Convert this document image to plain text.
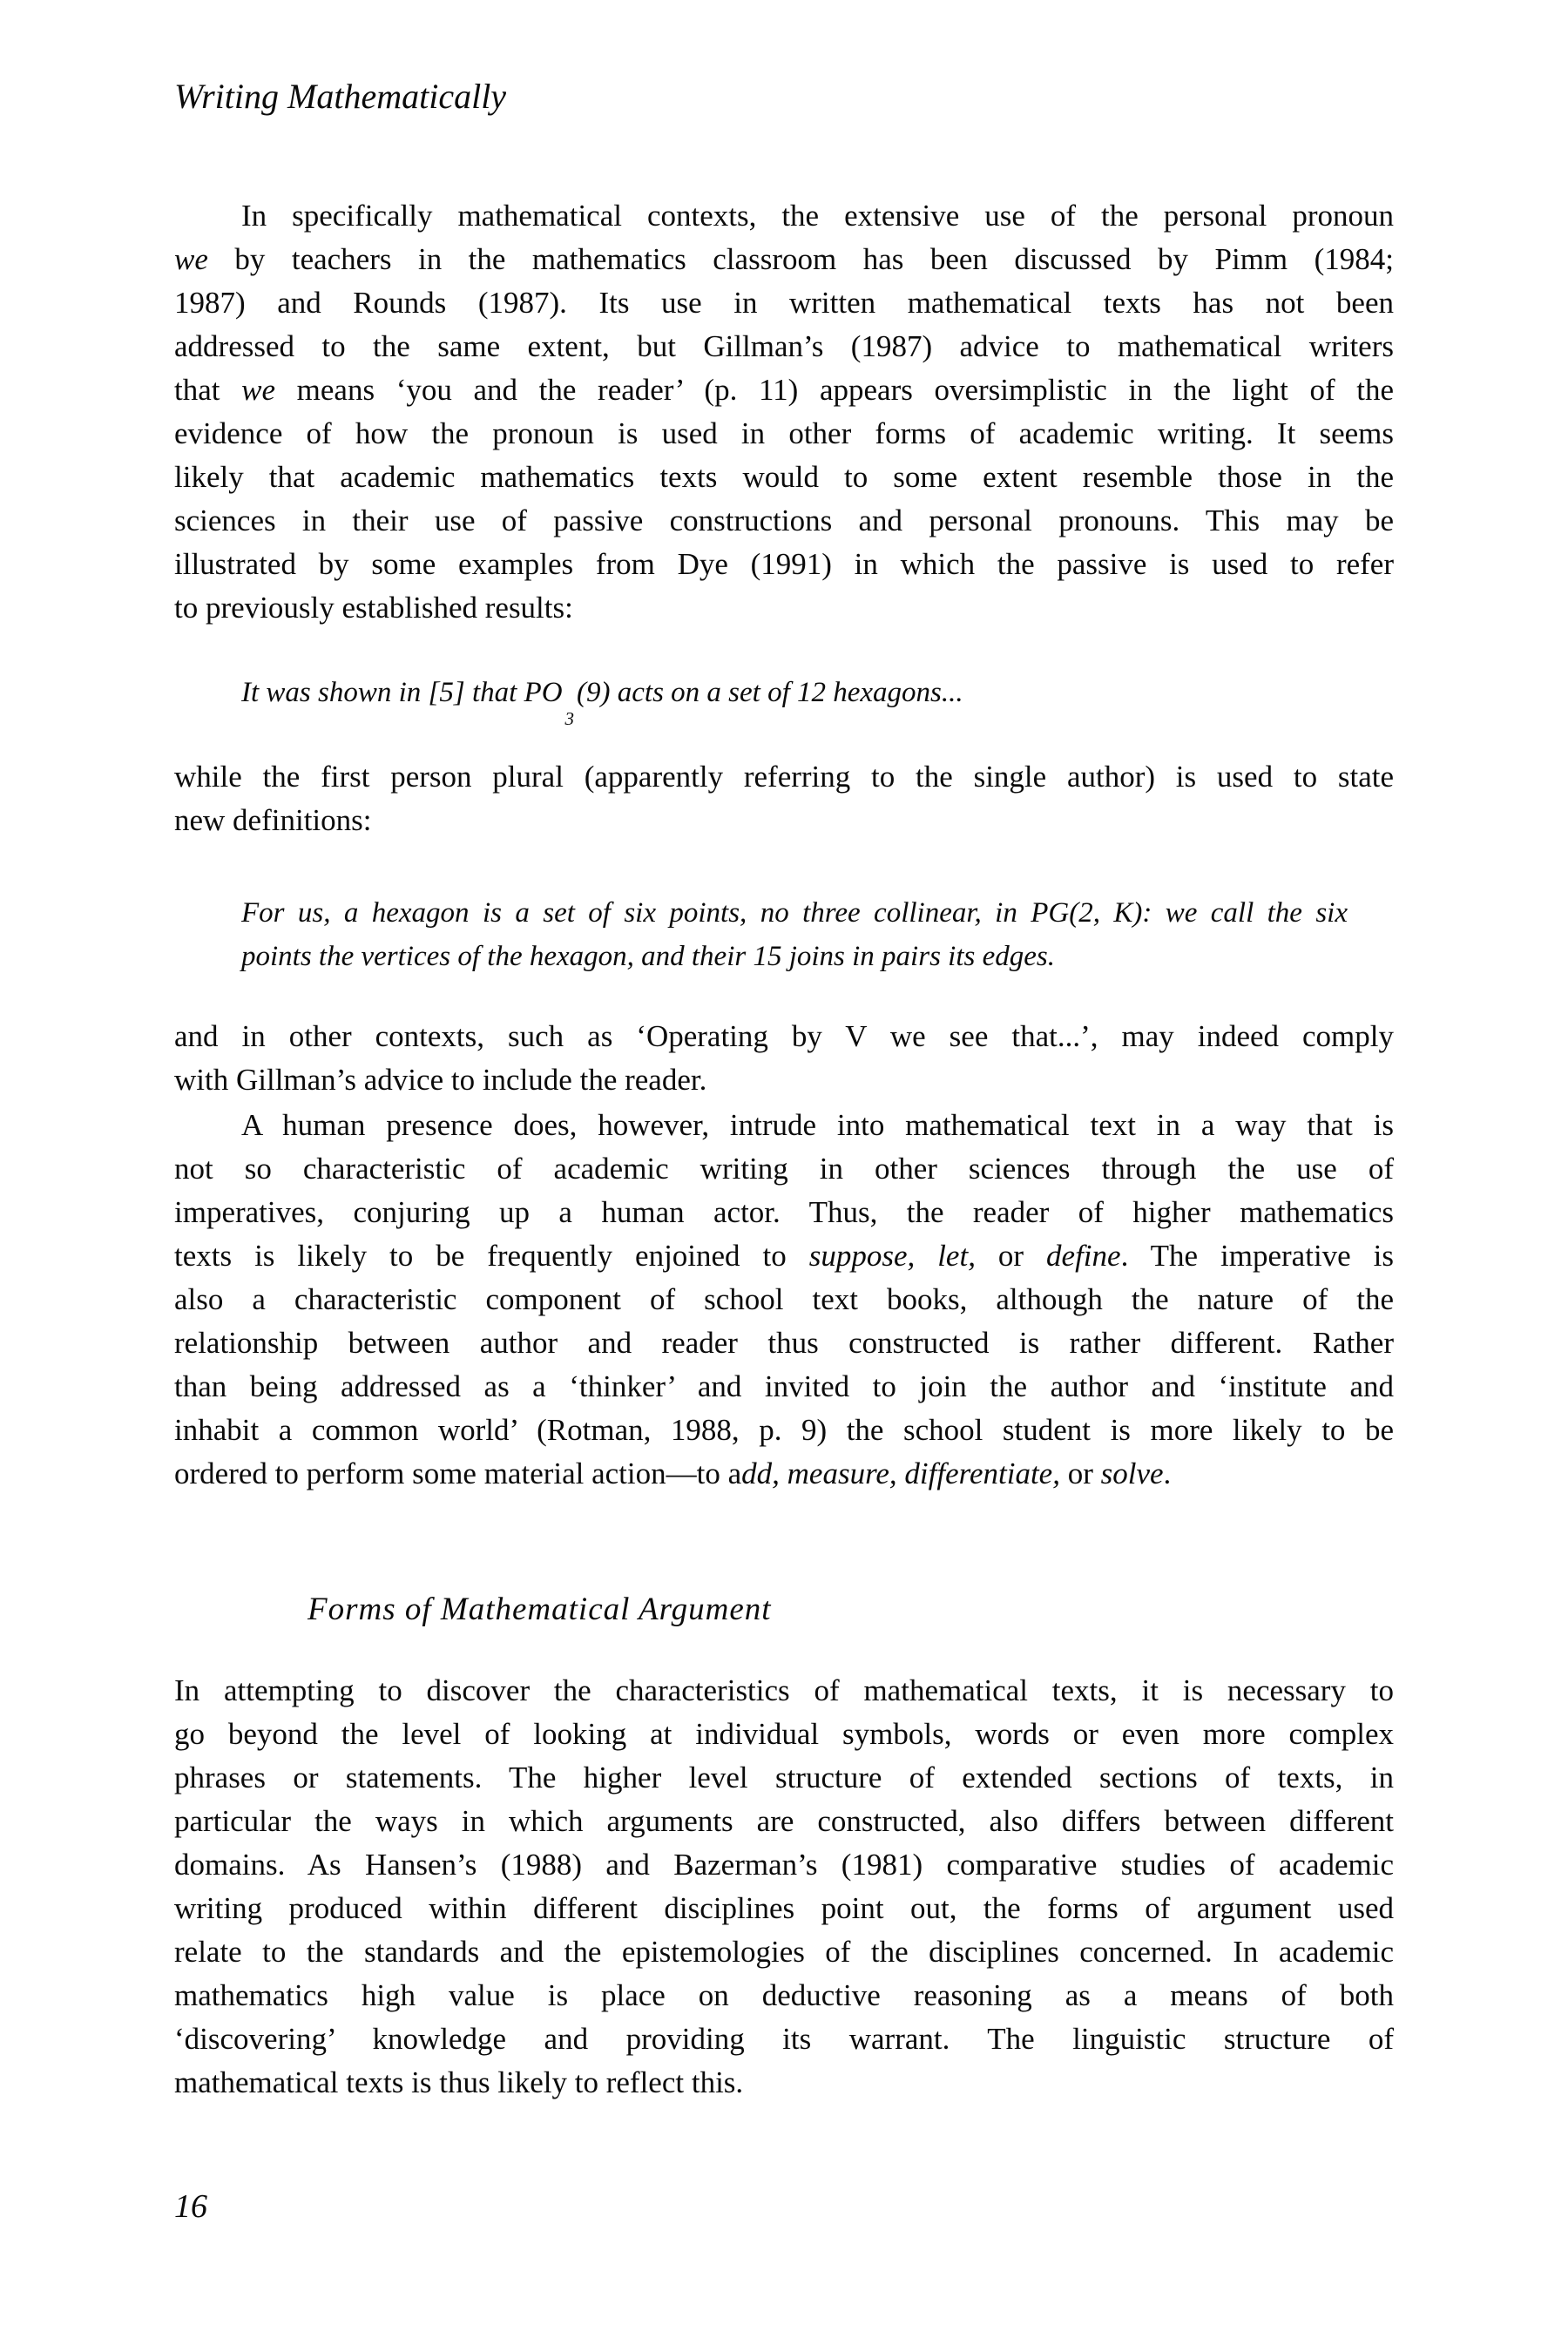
Writing Mathematically
In specifically mathematical contexts, the extensive use of the personal pronoun
we by teachers in the mathematics classroom has been discussed by Pimm (1984;
1987) and Rounds (1987). Its use in written mathematical texts has not been
addressed to the same extent, but Gillman’s (1987) advice to mathematical writers
that we means ‘you and the reader’ (p. 11) appears oversimplistic in the light of the
evidence of how the pronoun is used in other forms of academic writing. It seems
likely that academic mathematics texts would to some extent resemble those in the
sciences in their use of passive constructions and personal pronouns. This may be
illustrated by some examples from Dye (1991) in which the passive is used to refer
to previously established results:
It was shown in [5] that $PO_3(9)$ acts on a set of 12 hexagons...
while the first person plural (apparently referring to the single author) is used to state
new definitions:
For us, a hexagon is a set of six points, no three collinear, in PG(2, K): we call the six
points the vertices of the hexagon, and their 15 joins in pairs its edges.
and in other contexts, such as ‘Operating by V we see that...’, may indeed comply
with Gillman’s advice to include the reader.
A human presence does, however, intrude into mathematical text in a way that is
not so characteristic of academic writing in other sciences through the use of
imperatives, conjuring up a human actor. Thus, the reader of higher mathematics
texts is likely to be frequently enjoined to suppose, let, or define. The imperative is
also a characteristic component of school text books, although the nature of the
relationship between author and reader thus constructed is rather different. Rather
than being addressed as a ‘thinker’ and invited to join the author and ‘institute and
inhabit a common world’ (Rotman, 1988, p. 9) the school student is more likely to be
ordered to perform some material action—to add, measure, differentiate, or solve.
In attempting to discover the characteristics of mathematical texts, it is necessary to
go beyond the level of looking at individual symbols, words or even more complex
phrases or statements. The higher level structure of extended sections of texts, in
particular the ways in which arguments are constructed, also differs between different
domains. As Hansen’s (1988) and Bazerman’s (1981) comparative studies of academic
writing produced within different disciplines point out, the forms of argument used
relate to the standards and the epistemologies of the disciplines concerned. In academic
mathematics high value is place on deductive reasoning as a means of both
‘discovering’ knowledge and providing its warrant. The linguistic structure of
mathematical texts is thus likely to reflect this.
Forms of Mathematical Argument
16
